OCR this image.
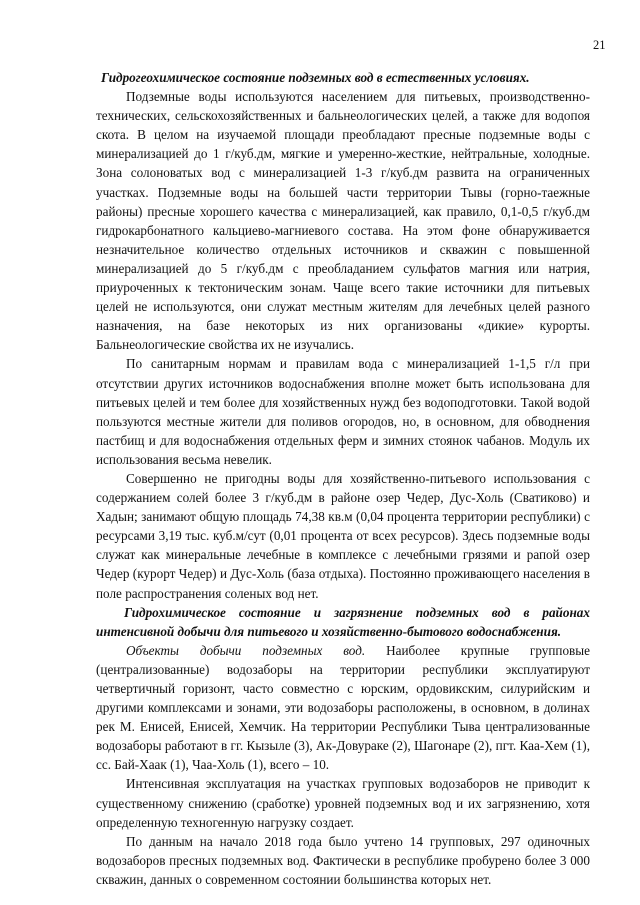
21

Гидрогеохимическое состояние подземных вод в естественных условиях.

Подземные воды используются населением для питьевых, производственно-технических, сельскохозяйственных и бальнеологических целей, а также для водопоя скота. В целом на изучаемой площади преобладают пресные подземные воды с минерализацией до 1 г/куб.дм, мягкие и умеренно-жесткие, нейтральные, холодные. Зона солоноватых вод с минерализацией 1-3 г/куб.дм развита на ограниченных участках. Подземные воды на большей части территории Тывы (горно-таежные районы) пресные хорошего качества с минерализацией, как правило, 0,1-0,5 г/куб.дм гидрокарбонатного кальциево-магниевого состава. На этом фоне обнаруживается незначительное количество отдельных источников и скважин с повышенной минерализацией до 5 г/куб.дм с преобладанием сульфатов магния или натрия, приуроченных к тектоническим зонам. Чаще всего такие источники для питьевых целей не используются, они служат местным жителям для лечебных целей разного назначения, на базе некоторых из них организованы «дикие» курорты. Бальнеологические свойства их не изучались.

По санитарным нормам и правилам вода с минерализацией 1-1,5 г/л при отсутствии других источников водоснабжения вполне может быть использована для питьевых целей и тем более для хозяйственных нужд без водоподготовки. Такой водой пользуются местные жители для поливов огородов, но, в основном, для обводнения пастбищ и для водоснабжения отдельных ферм и зимних стоянок чабанов. Модуль их использования весьма невелик.

Совершенно не пригодны воды для хозяйственно-питьевого использования с содержанием солей более 3 г/куб.дм в районе озер Чедер, Дус-Холь (Сватиково) и Хадын; занимают общую площадь 74,38 кв.м (0,04 процента территории республики) с ресурсами 3,19 тыс. куб.м/сут (0,01 процента от всех ресурсов). Здесь подземные воды служат как минеральные лечебные в комплексе с лечебными грязями и рапой озер Чедер (курорт Чедер) и Дус-Холь (база отдыха). Постоянно проживающего населения в поле распространения соленых вод нет.

Гидрохимическое состояние и загрязнение подземных вод в районах интенсивной добычи для питьевого и хозяйственно-бытового водоснабжения.

Объекты добычи подземных вод. Наиболее крупные групповые (централизованные) водозаборы на территории республики эксплуатируют четвертичный горизонт, часто совместно с юрским, ордовикским, силурийским и другими комплексами и зонами, эти водозаборы расположены, в основном, в долинах рек М. Енисей, Енисей, Хемчик. На территории Республики Тыва централизованные водозаборы работают в гг. Кызыле (3), Ак-Довураке (2), Шагонаре (2), пгт. Каа-Хем (1), сс. Бай-Хаак (1), Чаа-Холь (1), всего – 10.

Интенсивная эксплуатация на участках групповых водозаборов не приводит к существенному снижению (сработке) уровней подземных вод и их загрязнению, хотя определенную техногенную нагрузку создает.

По данным на начало 2018 года было учтено 14 групповых, 297 одиночных водозаборов пресных подземных вод. Фактически в республике пробурено более 3 000 скважин, данных о современном состоянии большинства которых нет.
